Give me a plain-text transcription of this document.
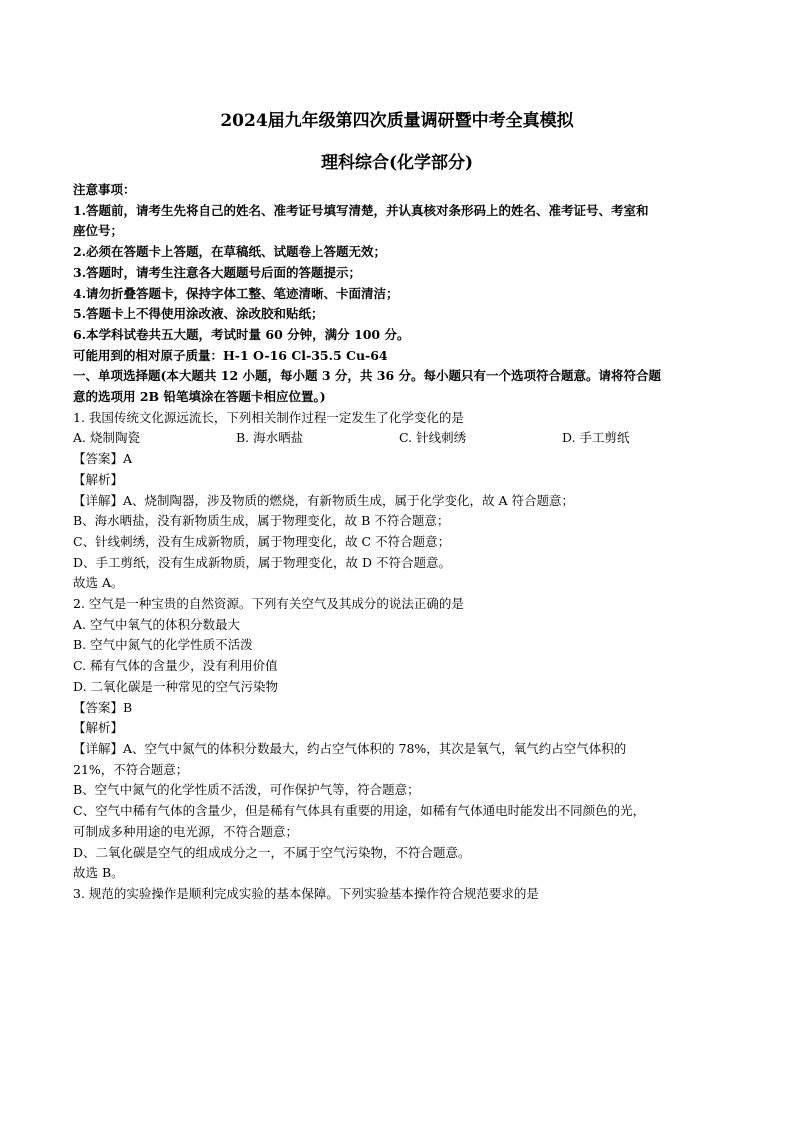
2024届九年级第四次质量调研暨中考全真模拟
理科综合(化学部分)
注意事项：
1.答题前，请考生先将自己的姓名、准考证号填写清楚，并认真核对条形码上的姓名、准考证号、考室和
座位号；
2.必须在答题卡上答题，在草稿纸、试题卷上答题无效；
3.答题时，请考生注意各大题题号后面的答题提示；
4.请勿折叠答题卡，保持字体工整、笔迹清晰、卡面清洁；
5.答题卡上不得使用涂改液、涂改胶和贴纸；
6.本学科试卷共五大题，考试时量 60 分钟，满分 100 分。
可能用到的相对原子质量：H-1 O-16 Cl-35.5 Cu-64
一、单项选择题(本大题共 12 小题，每小题 3 分，共 36 分。每小题只有一个选项符合题意。请将符合题
意的选项用 2B 铅笔填涂在答题卡相应位置。)
1. 我国传统文化源远流长，下列相关制作过程一定发生了化学变化的是
A. 烧制陶瓷	B. 海水晒盐	C. 针线刺绣	D. 手工剪纸
【答案】A
【解析】
【详解】A、烧制陶器，涉及物质的燃烧，有新物质生成，属于化学变化，故 A 符合题意；
B、海水晒盐，没有新物质生成，属于物理变化，故 B 不符合题意；
C、针线刺绣，没有生成新物质，属于物理变化，故 C 不符合题意；
D、手工剪纸，没有生成新物质，属于物理变化，故 D 不符合题意。
故选 A。
2. 空气是一种宝贵的自然资源。下列有关空气及其成分的说法正确的是
A. 空气中氧气的体积分数最大
B. 空气中氮气的化学性质不活泼
C. 稀有气体的含量少，没有利用价值
D. 二氧化碳是一种常见的空气污染物
【答案】B
【解析】
【详解】A、空气中氮气的体积分数最大，约占空气体积的 78%，其次是氧气，氧气约占空气体积的
21%，不符合题意；
B、空气中氮气的化学性质不活泼，可作保护气等，符合题意；
C、空气中稀有气体的含量少，但是稀有气体具有重要的用途，如稀有气体通电时能发出不同颜色的光，
可制成多种用途的电光源，不符合题意；
D、二氧化碳是空气的组成成分之一，不属于空气污染物，不符合题意。
故选 B。
3. 规范的实验操作是顺利完成实验的基本保障。下列实验基本操作符合规范要求的是
